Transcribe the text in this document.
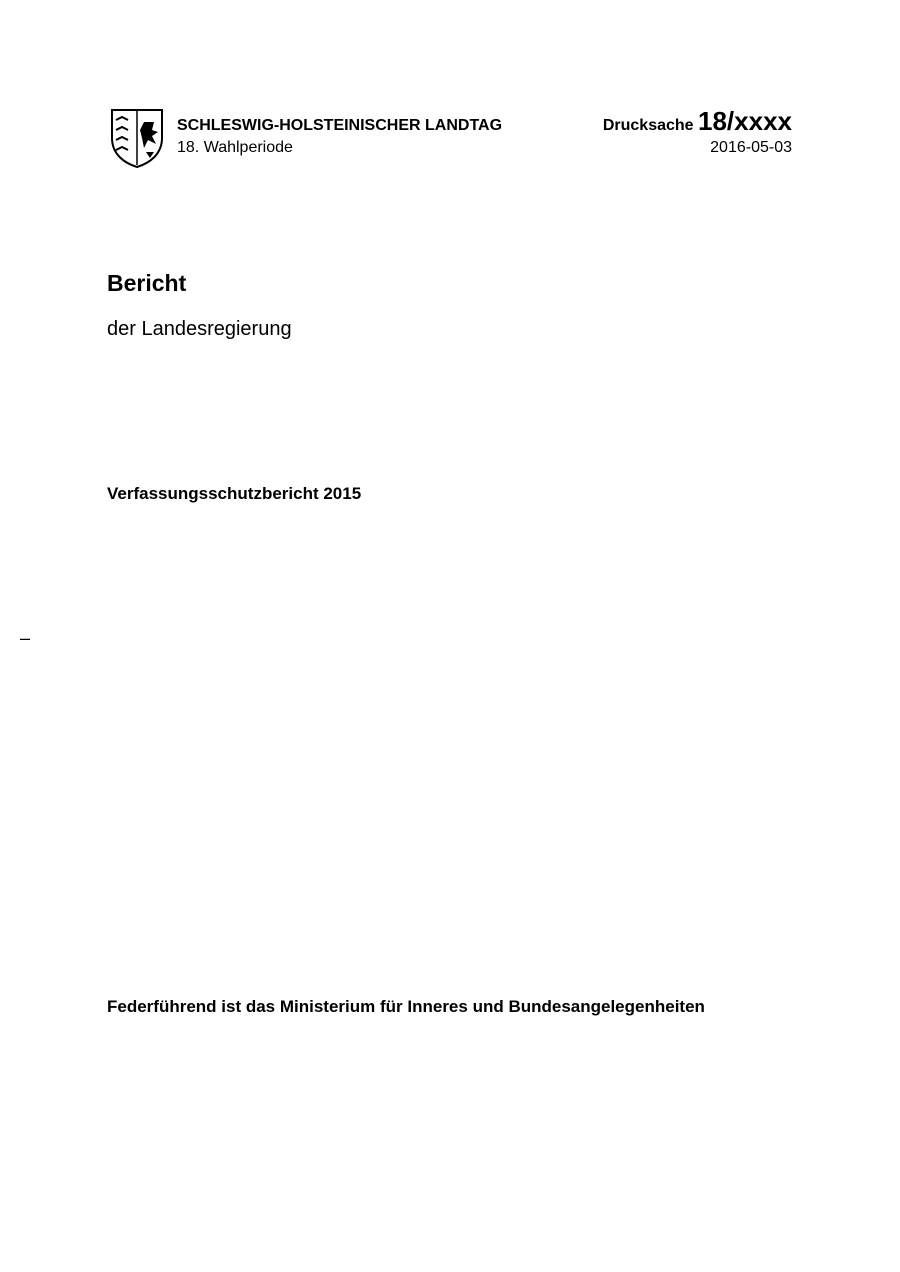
SCHLESWIG-HOLSTEINISCHER LANDTAG
18. Wahlperiode
Drucksache 18/xxxx
2016-05-03
Bericht
der Landesregierung
Verfassungsschutzbericht 2015
–
Federführend ist das Ministerium für Inneres und Bundesangelegenheiten
